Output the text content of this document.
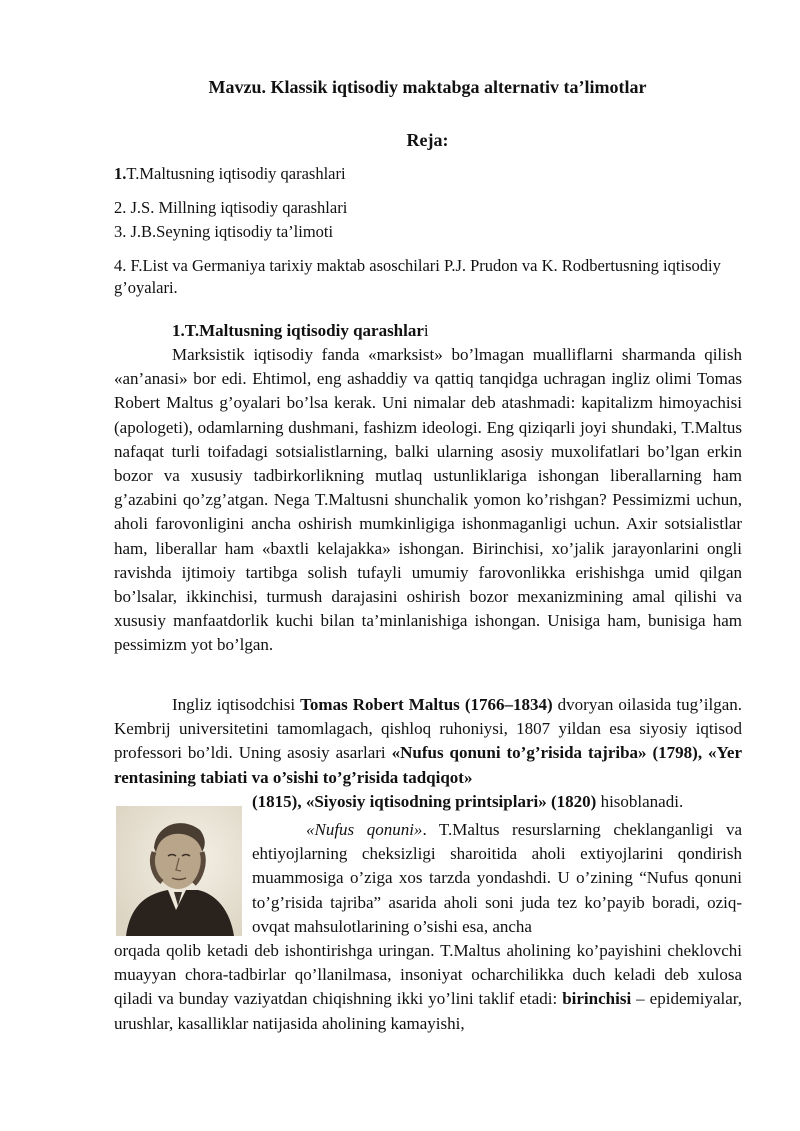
Mavzu. Klassik iqtisodiy maktabga alternativ ta’limotlar
Reja:
1.T.Maltusning iqtisodiy qarashlari
2. J.S. Millning iqtisodiy qarashlari
3. J.B.Seyning iqtisodiy ta’limoti
4. F.List va Germaniya tarixiy maktab asoschilari P.J. Prudon va K. Rodbertusning iqtisodiy g’oyalari.
1.T.Maltusning iqtisodiy qarashlari
Marksistik iqtisodiy fanda «marksist» bo’lmagan mualliflarni sharmanda qilish «an’anasi» bor edi. Ehtimol, eng ashaddiy va qattiq tanqidga uchragan ingliz olimi Tomas Robert Maltus g’oyalari bo’lsa kerak. Uni nimalar deb atashmadi: kapitalizm himoyachisi (apologeti), odamlarning dushmani, fashizm ideologi. Eng qiziqarli joyi shundaki, T.Maltus nafaqat turli toifadagi sotsialistlarning, balki ularning asosiy muxolifatlari bo’lgan erkin bozor va xususiy tadbirkorlikning mutlaq ustunliklariga ishongan liberallarning ham g’azabini qo’zg’atgan. Nega T.Maltusni shunchalik yomon ko’rishgan? Pessimizmi uchun, aholi farovonligini ancha oshirish mumkinligiga ishonmaganligi uchun. Axir sotsialistlar ham, liberallar ham «baxtli kelajakka» ishongan. Birinchisi, xo’jalik jarayonlarini ongli ravishda ijtimoiy tartibga solish tufayli umumiy farovonlikka erishishga umid qilgan bo’lsalar, ikkinchisi, turmush darajasini oshirish bozor mexanizmining amal qilishi va xususiy manfaatdorlik kuchi bilan ta’minlanishiga ishongan. Unisiga ham, bunisiga ham pessimizm yot bo’lgan.
Ingliz iqtisodchisi Tomas Robert Maltus (1766–1834) dvoryan oilasida tug’ilgan. Kembrij universitetini tamomlagach, qishloq ruhoniysi, 1807 yildan esa siyosiy iqtisod professori bo’ldi. Uning asosiy asarlari «Nufus qonuni to’g’risida tajriba» (1798), «Yer rentasining tabiati va o’sishi to’g’risida tadqiqot»
(1815), «Siyosiy iqtisodning printsiplari» (1820) hisoblanadi.
«Nufus qonuni». T.Maltus resurslarning cheklanganligi va ehtiyojlarning cheksizligi sharoitida aholi extiyojlarini qondirish muammosiga o’ziga xos tarzda yondashdi. U o’zining “Nufus qonuni to’g’risida tajriba” asarida aholi soni juda tez ko’payib boradi, oziq-ovqat mahsulotlarining o’sishi esa, ancha
orqada qolib ketadi deb ishontirishga uringan. T.Maltus aholining ko’payishini cheklovchi muayyan chora-tadbirlar qo’llanilmasa, insoniyat ocharchilikka duch keladi deb xulosa qiladi va bunday vaziyatdan chiqishning ikki yo’lini taklif etadi: birinchisi – epidemiyalar, urushlar, kasalliklar natijasida aholining kamayishi,
